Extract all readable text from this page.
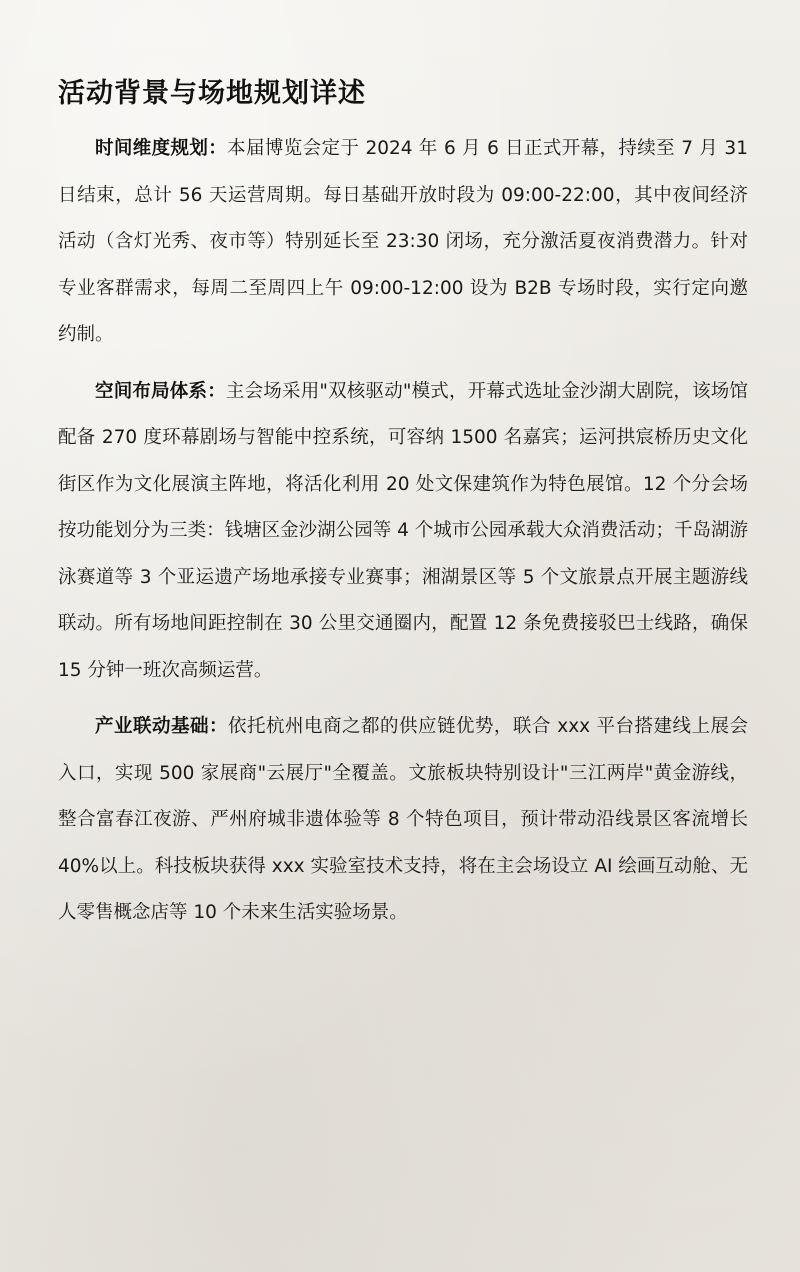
活动背景与场地规划详述

时间维度规划：本届博览会定于 2024 年 6 月 6 日正式开幕，持续至 7 月 31 日结束，总计 56 天运营周期。每日基础开放时段为 09:00-22:00，其中夜间经济活动（含灯光秀、夜市等）特别延长至 23:30 闭场，充分激活夏夜消费潜力。针对专业客群需求，每周二至周四上午 09:00-12:00 设为 B2B 专场时段，实行定向邀约制。

空间布局体系：主会场采用"双核驱动"模式，开幕式选址金沙湖大剧院，该场馆配备 270 度环幕剧场与智能中控系统，可容纳 1500 名嘉宾；运河拱宸桥历史文化街区作为文化展演主阵地，将活化利用 20 处文保建筑作为特色展馆。12 个分会场按功能划分为三类：钱塘区金沙湖公园等 4 个城市公园承载大众消费活动；千岛湖游泳赛道等 3 个亚运遗产场地承接专业赛事；湘湖景区等 5 个文旅景点开展主题游线联动。所有场地间距控制在 30 公里交通圈内，配置 12 条免费接驳巴士线路，确保 15 分钟一班次高频运营。

产业联动基础：依托杭州电商之都的供应链优势，联合 xxx 平台搭建线上展会入口，实现 500 家展商"云展厅"全覆盖。文旅板块特别设计"三江两岸"黄金游线，整合富春江夜游、严州府城非遗体验等 8 个特色项目，预计带动沿线景区客流增长 40%以上。科技板块获得 xxx 实验室技术支持，将在主会场设立 AI 绘画互动舱、无人零售概念店等 10 个未来生活实验场景。
